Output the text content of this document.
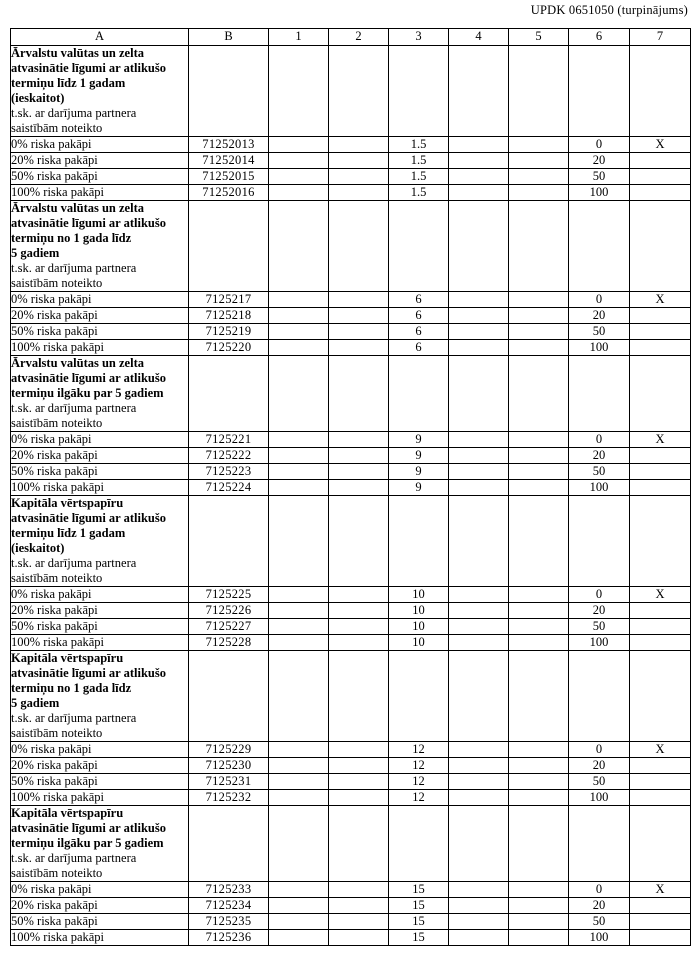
UPDK 0651050 (turpinājums)
A	B	1	2	3	4	5	6	7

Ārvalstu valūtas un zelta
atvasinātie līgumi ar atlikušo
termiņu līdz 1 gadam
(ieskaitot)
t.sk. ar darījuma partnera
saistībām noteikto

0% riska pakāpi	71252013			1.5			0	X
20% riska pakāpi	71252014			1.5			20	
50% riska pakāpi	71252015			1.5			50	
100% riska pakāpi	71252016			1.5			100	

Ārvalstu valūtas un zelta
atvasinātie līgumi ar atlikušo
termiņu no 1 gada līdz
5 gadiem
t.sk. ar darījuma partnera
saistībām noteikto

0% riska pakāpi	7125217			6			0	X
20% riska pakāpi	7125218			6			20	
50% riska pakāpi	7125219			6			50	
100% riska pakāpi	7125220			6			100	

Ārvalstu valūtas un zelta
atvasinātie līgumi ar atlikušo
termiņu ilgāku par 5 gadiem
t.sk. ar darījuma partnera
saistībām noteikto								

0% riska pakāpi	7125221			9			0	X
20% riska pakāpi	7125222			9			20	
50% riska pakāpi	7125223			9			50	
100% riska pakāpi	7125224			9			100	

Kapitāla vērtspapīru
atvasinātie līgumi ar atlikušo
termiņu līdz 1 gadam
(ieskaitot)
t.sk. ar darījuma partnera
saistībām noteikto

0% riska pakāpi	7125225			10			0	X
20% riska pakāpi	7125226			10			20	
50% riska pakāpi	7125227			10			50	
100% riska pakāpi	7125228			10			100	

Kapitāla vērtspapīru
atvasinātie līgumi ar atlikušo
termiņu no 1 gada līdz
5 gadiem
t.sk. ar darījuma partnera
saistībām noteikto

0% riska pakāpi	7125229			12			0	X
20% riska pakāpi	7125230			12			20	
50% riska pakāpi	7125231			12			50	
100% riska pakāpi	7125232			12			100	

Kapitāla vērtspapīru
atvasinātie līgumi ar atlikušo
termiņu ilgāku par 5 gadiem
t.sk. ar darījuma partnera
saistībām noteikto								

0% riska pakāpi	7125233			15			0	X
20% riska pakāpi	7125234			15			20	
50% riska pakāpi	7125235			15			50	
100% riska pakāpi	7125236			15			100	
